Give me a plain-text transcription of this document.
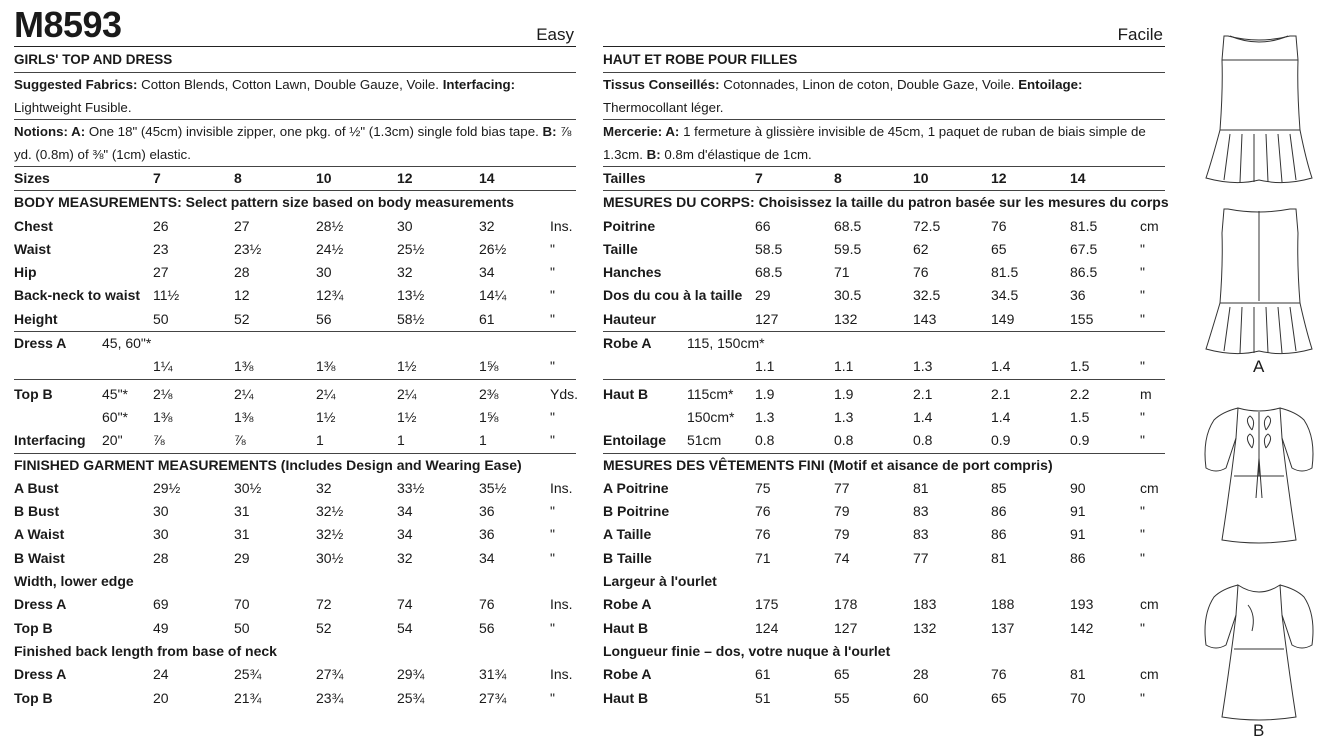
M8593	Easy
GIRLS' TOP AND DRESS
Suggested Fabrics: Cotton Blends, Cotton Lawn, Double Gauze, Voile. Interfacing: Lightweight Fusible.
Notions: A: One 18" (45cm) invisible zipper, one pkg. of ½" (1.3cm) single fold bias tape. B: ⅞ yd. (0.8m) of ⅜" (1cm) elastic.
Sizes	7	8	10	12	14
BODY MEASUREMENTS: Select pattern size based on body measurements
Chest	26	27	28½	30	32	Ins.
Waist	23	23½	24½	25½	26½	"
Hip	27	28	30	32	34	"
Back-neck to waist 11½	12	12¾	13½	14¼	"
Height	50	52	56	58½	61	"
Dress A	45, 60"*
1¼	1⅜	1⅜	1½	1⅝	"
Top B	45"* 2⅛	2¼	2¼	2¼	2⅜	Yds.
60"* 1⅜	1⅜	1½	1½	1⅝	"
Interfacing 20" ⅞	⅞	1	1	1	"
FINISHED GARMENT MEASUREMENTS (Includes Design and Wearing Ease)
A Bust	29½	30½	32	33½	35½	Ins.
B Bust	30	31	32½	34	36	"
A Waist	30	31	32½	34	36	"
B Waist	28	29	30½	32	34	"
Width, lower edge
Dress A	69	70	72	74	76	Ins.
Top B	49	50	52	54	56	"
Finished back length from base of neck
Dress A	24	25¾	27¾	29¾	31¾	Ins.
Top B	20	21¾	23¾	25¾	27¾	"
Facile
HAUT ET ROBE POUR FILLES
Tissus Conseillés: Cotonnades, Linon de coton, Double Gaze, Voile. Entoilage: Thermocollant léger.
Mercerie: A: 1 fermeture à glissière invisible de 45cm, 1 paquet de ruban de biais simple de 1.3cm. B: 0.8m d'élastique de 1cm.
Tailles	7	8	10	12	14
MESURES DU CORPS: Choisissez la taille du patron basée sur les mesures du corps
Poitrine	66	68.5	72.5	76	81.5	cm
Taille	58.5	59.5	62	65	67.5	"
Hanches	68.5	71	76	81.5	86.5	"
Dos du cou à la taille 29	30.5	32.5	34.5	36	"
Hauteur	127	132	143	149	155	"
Robe A	115, 150cm*
1.1	1.1	1.3	1.4	1.5	"
Haut B	115cm* 1.9	1.9	2.1	2.1	2.2	m
150cm* 1.3	1.3	1.4	1.4	1.5	"
Entoilage 51cm 0.8	0.8	0.8	0.9	0.9	"
MESURES DES VÊTEMENTS FINI (Motif et aisance de port compris)
A Poitrine	75	77	81	85	90	cm
B Poitrine	76	79	83	86	91	"
A Taille	76	79	83	86	91	"
B Taille	71	74	77	81	86	"
Largeur à l'ourlet
Robe A	175	178	183	188	193	cm
Haut B	124	127	132	137	142	"
Longueur finie – dos, votre nuque à l'ourlet
Robe A	61	65	28	76	81	cm
Haut B	51	55	60	65	70	"
A
B
